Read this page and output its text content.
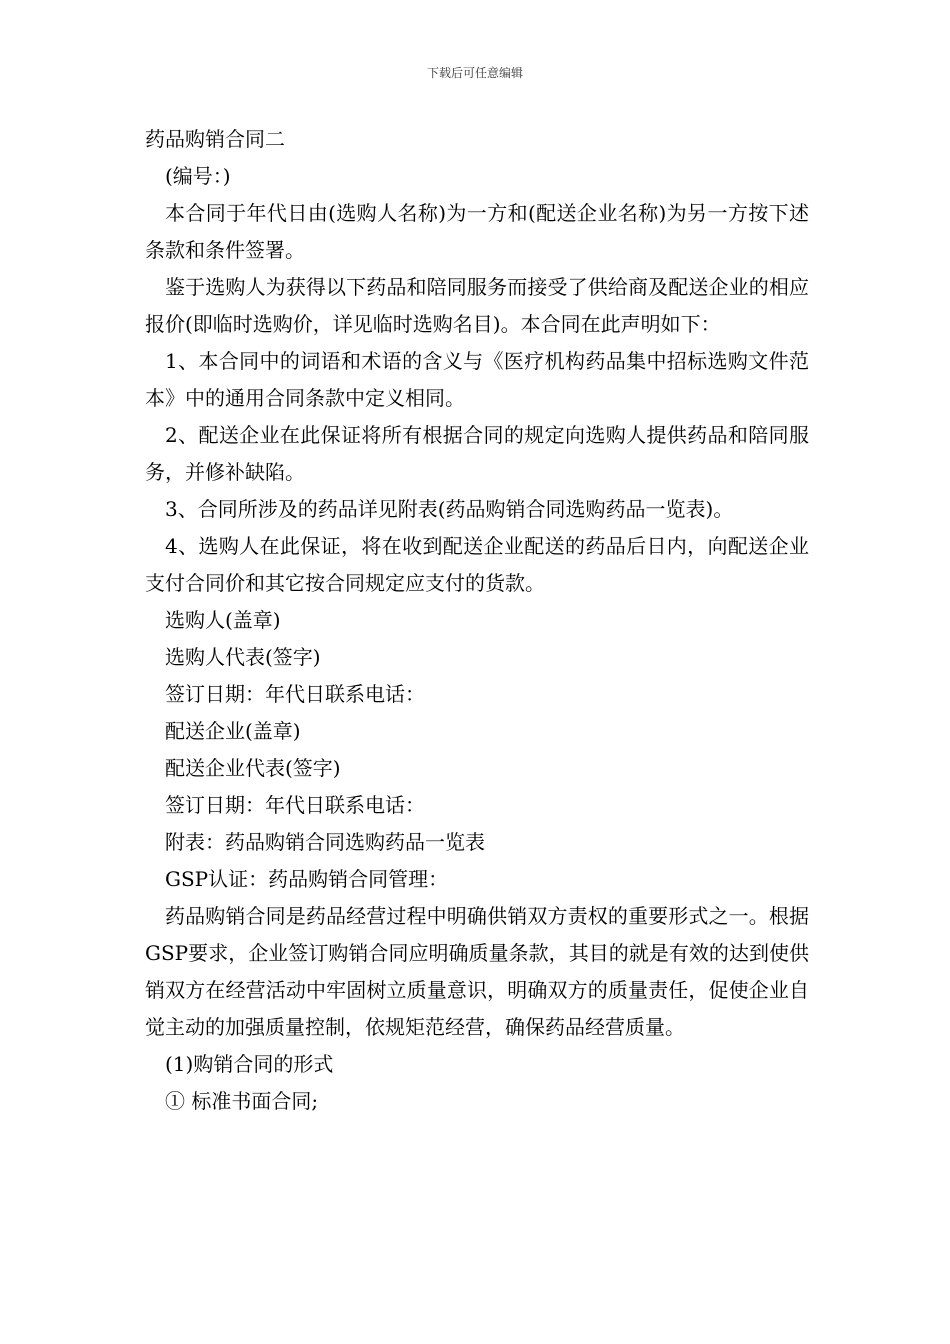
下载后可任意编辑

药品购销合同二

(编号：)

本合同于年代日由(选购人名称)为一方和(配送企业名称)为另一方按下述条款和条件签署。

鉴于选购人为获得以下药品和陪同服务而接受了供给商及配送企业的相应报价(即临时选购价，详见临时选购名目)。本合同在此声明如下：

1、本合同中的词语和术语的含义与《医疗机构药品集中招标选购文件范本》中的通用合同条款中定义相同。

2、配送企业在此保证将所有根据合同的规定向选购人提供药品和陪同服务，并修补缺陷。

3、合同所涉及的药品详见附表(药品购销合同选购药品一览表)。

4、选购人在此保证，将在收到配送企业配送的药品后日内，向配送企业支付合同价和其它按合同规定应支付的货款。

选购人(盖章)

选购人代表(签字)

签订日期：年代日联系电话：

配送企业(盖章)

配送企业代表(签字)

签订日期：年代日联系电话：

附表：药品购销合同选购药品一览表

GSP认证：药品购销合同管理：

药品购销合同是药品经营过程中明确供销双方责权的重要形式之一。根据GSP要求，企业签订购销合同应明确质量条款，其目的就是有效的达到使供销双方在经营活动中牢固树立质量意识，明确双方的质量责任，促使企业自觉主动的加强质量控制，依规矩范经营，确保药品经营质量。

(1)购销合同的形式

① 标准书面合同;
